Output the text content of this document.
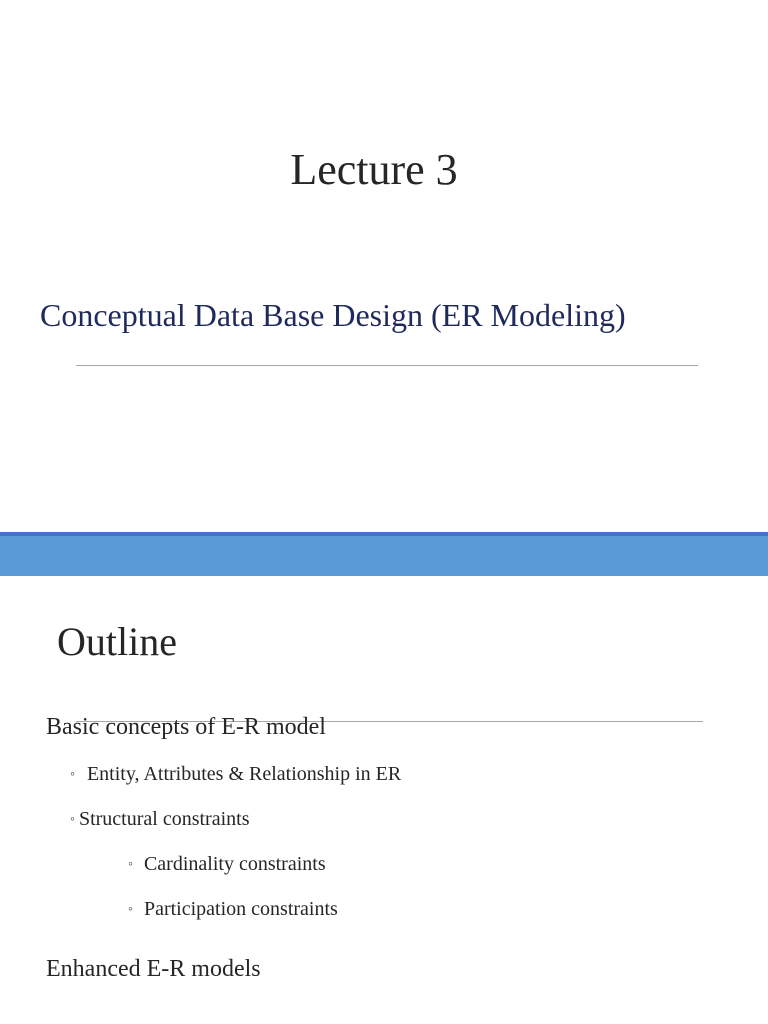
Lecture 3
Conceptual Data Base Design (ER Modeling)
Outline
Basic concepts of E-R model
◦ Entity, Attributes & Relationship in ER
◦ Structural constraints
◦ Cardinality constraints
◦ Participation constraints
Enhanced E-R models
